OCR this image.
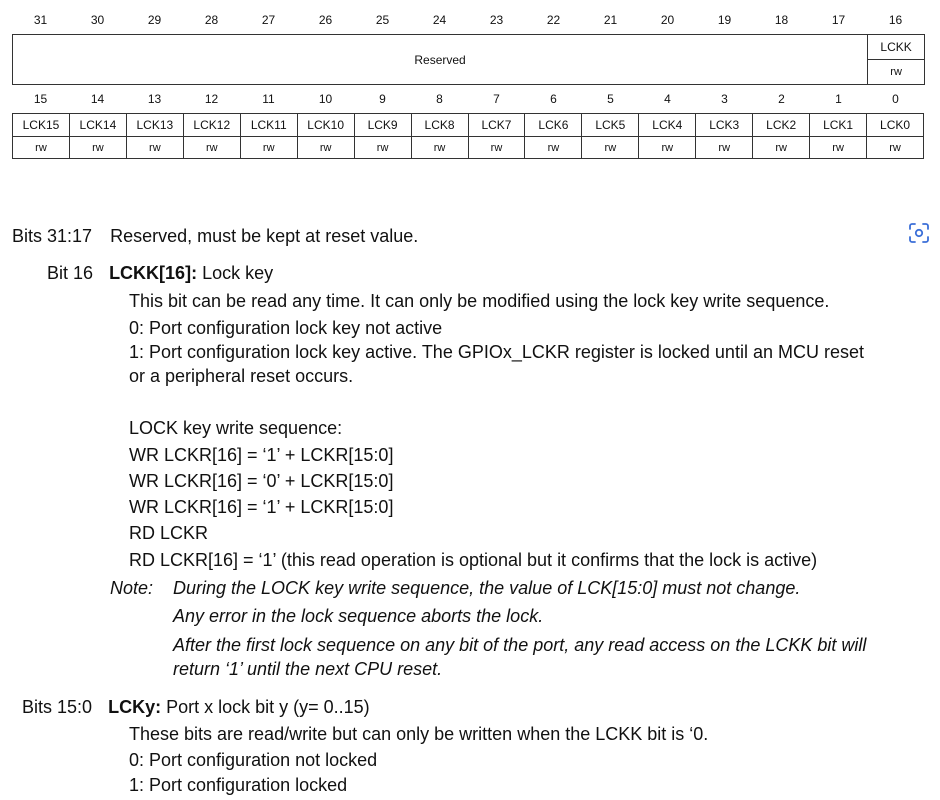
31	30	29	28	27	26	25	24	23	22	21	20	19	18	17	16
Reserved	LCKK
rw
15	14	13	12	11	10	9	8	7	6	5	4	3	2	1	0
LCK15	LCK14	LCK13	LCK12	LCK11	LCK10	LCK9	LCK8	LCK7	LCK6	LCK5	LCK4	LCK3	LCK2	LCK1	LCK0
rw	rw	rw	rw	rw	rw	rw	rw	rw	rw	rw	rw	rw	rw	rw	rw
Bits 31:17 Reserved, must be kept at reset value.
Bit 16 LCKK[16]: Lock key
This bit can be read any time. It can only be modified using the lock key write sequence.
0: Port configuration lock key not active
1: Port configuration lock key active. The GPIOx_LCKR register is locked until an MCU reset
or a peripheral reset occurs.
LOCK key write sequence:
WR LCKR[16] = ‘1’ + LCKR[15:0]
WR LCKR[16] = ‘0’ + LCKR[15:0]
WR LCKR[16] = ‘1’ + LCKR[15:0]
RD LCKR
RD LCKR[16] = ‘1’ (this read operation is optional but it confirms that the lock is active)
Note: During the LOCK key write sequence, the value of LCK[15:0] must not change.
Any error in the lock sequence aborts the lock.
After the first lock sequence on any bit of the port, any read access on the LCKK bit will
return ‘1’ until the next CPU reset.
Bits 15:0 LCKy: Port x lock bit y (y= 0..15)
These bits are read/write but can only be written when the LCKK bit is ‘0.
0: Port configuration not locked
1: Port configuration locked
